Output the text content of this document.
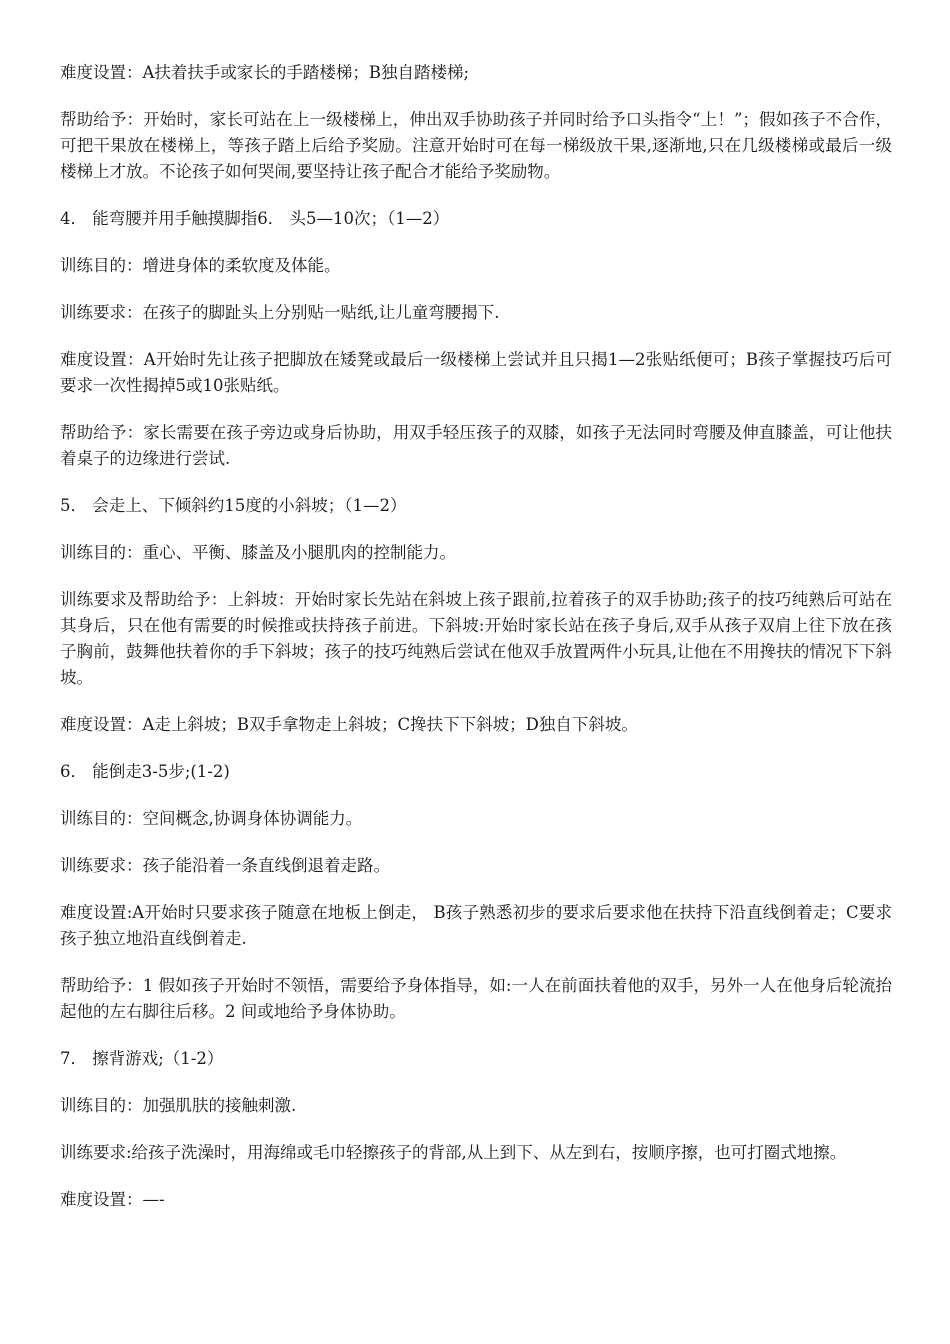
难度设置：A扶着扶手或家长的手踏楼梯；B独自踏楼梯;

帮助给予：开始时，家长可站在上一级楼梯上，伸出双手协助孩子并同时给予口头指令“上！”；假如孩子不合作，可把干果放在楼梯上，等孩子踏上后给予奖励。注意开始时可在每一梯级放干果,逐渐地,只在几级楼梯或最后一级楼梯上才放。不论孩子如何哭闹,要坚持让孩子配合才能给予奖励物。

4． 能弯腰并用手触摸脚指6． 头5—10次；（1—2）

训练目的：增进身体的柔软度及体能。

训练要求：在孩子的脚趾头上分别贴一贴纸,让儿童弯腰揭下.

难度设置：A开始时先让孩子把脚放在矮凳或最后一级楼梯上尝试并且只揭1—2张贴纸便可；B孩子掌握技巧后可要求一次性揭掉5或10张贴纸。

帮助给予：家长需要在孩子旁边或身后协助，用双手轻压孩子的双膝，如孩子无法同时弯腰及伸直膝盖，可让他扶着桌子的边缘进行尝试.

5． 会走上、下倾斜约15度的小斜坡；（1—2）

训练目的：重心、平衡、膝盖及小腿肌肉的控制能力。

训练要求及帮助给予：上斜坡：开始时家长先站在斜坡上孩子跟前,拉着孩子的双手协助;孩子的技巧纯熟后可站在其身后，只在他有需要的时候推或扶持孩子前进。下斜坡:开始时家长站在孩子身后,双手从孩子双肩上往下放在孩子胸前，鼓舞他扶着你的手下斜坡；孩子的技巧纯熟后尝试在他双手放置两件小玩具,让他在不用搀扶的情况下下斜坡。

难度设置：A走上斜坡；B双手拿物走上斜坡；C搀扶下下斜坡；D独自下斜坡。

6． 能倒走3-5步;(1-2)

训练目的：空间概念,协调身体协调能力。

训练要求：孩子能沿着一条直线倒退着走路。

难度设置:A开始时只要求孩子随意在地板上倒走， B孩子熟悉初步的要求后要求他在扶持下沿直线倒着走；C要求孩子独立地沿直线倒着走.

帮助给予：1 假如孩子开始时不领悟，需要给予身体指导，如:一人在前面扶着他的双手，另外一人在他身后轮流抬起他的左右脚往后移。2 间或地给予身体协助。

7． 擦背游戏;（1-2）

训练目的：加强肌肤的接触刺激.

训练要求:给孩子洗澡时，用海绵或毛巾轻擦孩子的背部,从上到下、从左到右，按顺序擦，也可打圈式地擦。

难度设置：—-
